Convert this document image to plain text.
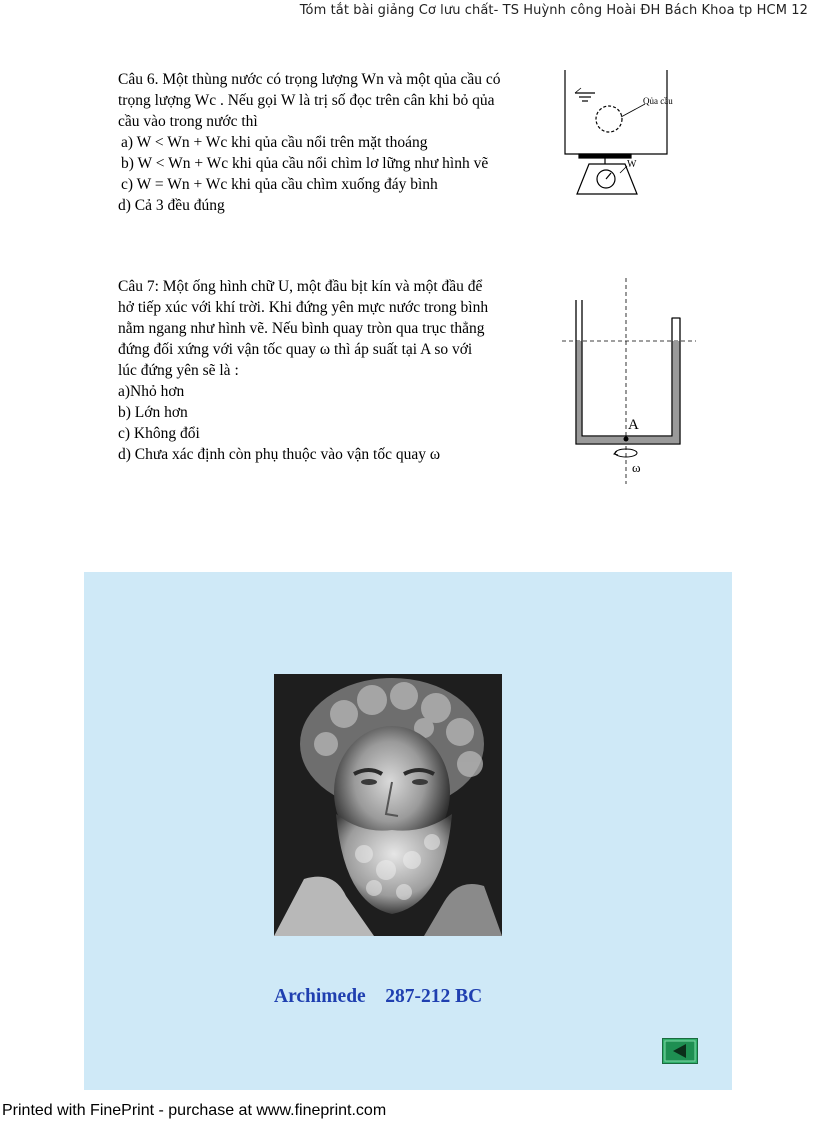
Tóm tắt bài giảng Cơ lưu chất- TS Huỳnh công Hoài ĐH Bách Khoa tp HCM 12

Câu 6. Một thùng nước có trọng lượng Wn và một qủa cầu có

trọng lượng Wc . Nếu gọi W là trị số đọc trên cân khi bỏ qủa

cầu vào trong nước thì

a) W < Wn + Wc khi qủa cầu nổi trên mặt thoáng

b) W < Wn + Wc khi qủa cầu nổi chìm lơ lững như hình vẽ

c) W = Wn + Wc khi qủa cầu chìm xuống đáy bình

d) Cả 3 đều đúng

Qủa cầu
W

Câu 7: Một ống hình chữ U, một đầu bịt kín và một đầu để

hở tiếp xúc với khí trời. Khi đứng yên mực nước trong bình

nằm ngang như hình vẽ. Nếu bình quay tròn qua trục thẳng

đứng đối xứng với vận tốc quay ω thì áp suất tại A so với

lúc đứng yên sẽ là :

a)Nhỏ hơn

b) Lớn hơn

c) Không đổi

d) Chưa xác định còn phụ thuộc vào vận tốc quay ω

A
ω
Archimede 287-212 BC
Printed with FinePrint - purchase at www.fineprint.com
